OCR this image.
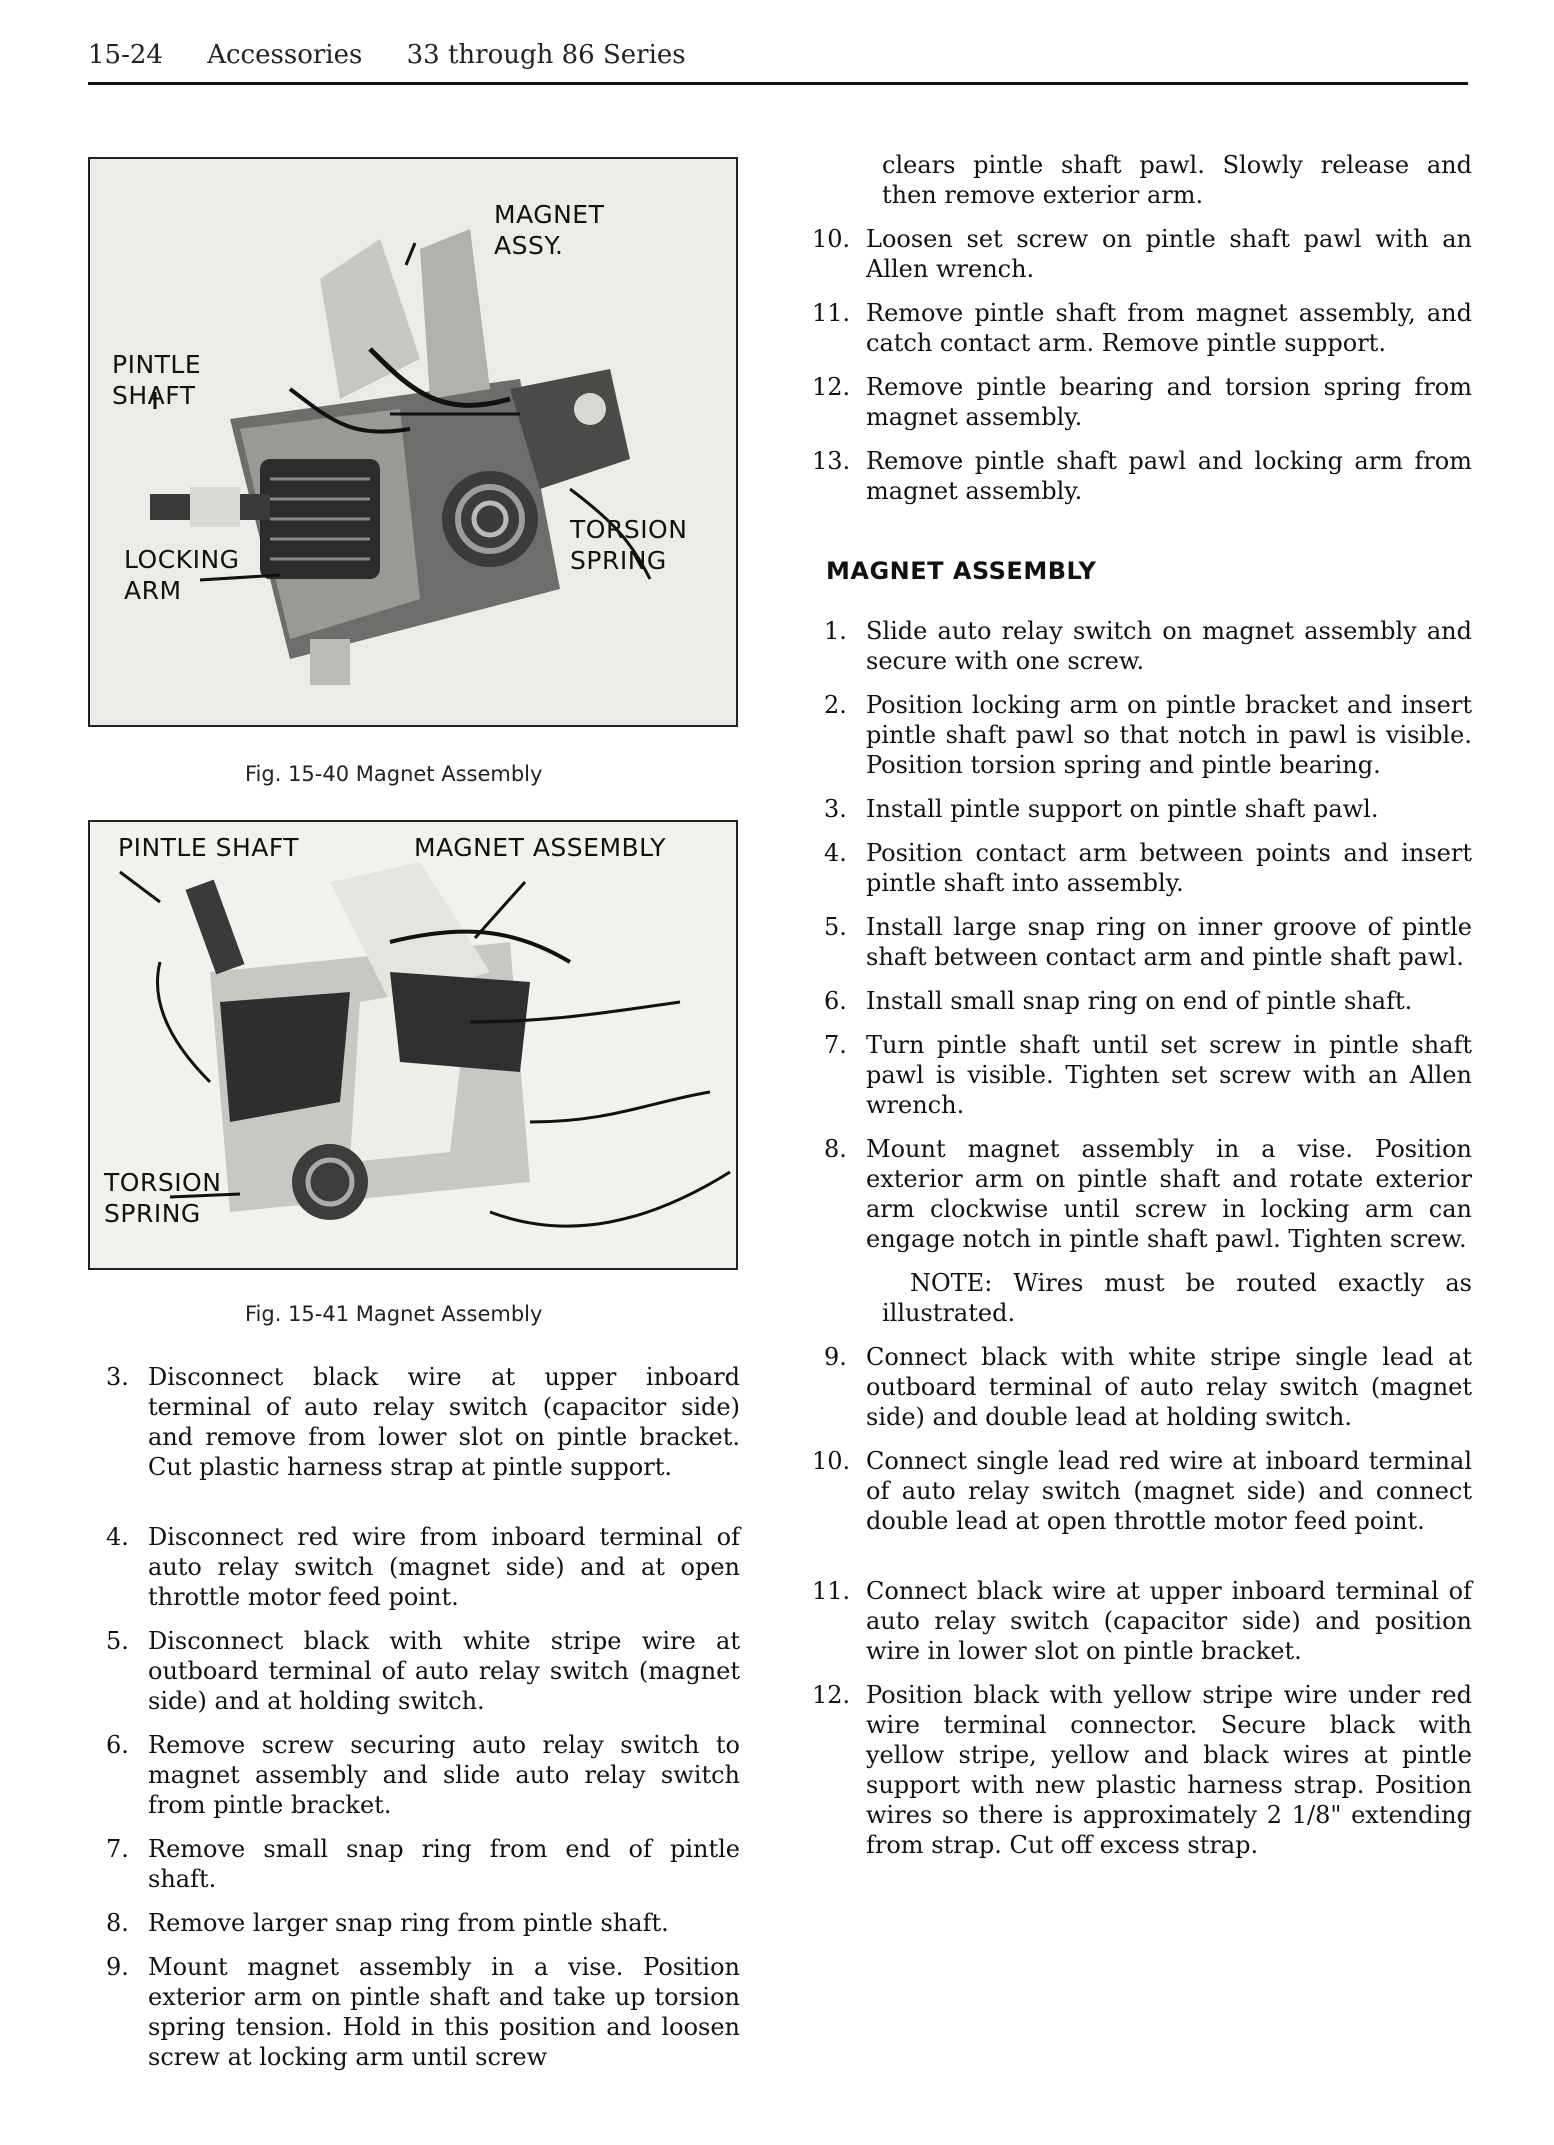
15-24 Accessories 33 through 86 Series
MAGNET
ASSY.
PINTLE
SHAFT
TORSION
SPRING
LOCKING
ARM
Fig. 15-40 Magnet Assembly
PINTLE SHAFT	MAGNET ASSEMBLY
TORSION
SPRING
Fig. 15-41 Magnet Assembly
3. Disconnect black wire at upper inboard terminal of auto relay switch (capacitor side) and remove from lower slot on pintle bracket. Cut plastic harness strap at pintle support.
4. Disconnect red wire from inboard terminal of auto relay switch (magnet side) and at open throttle motor feed point.
5. Disconnect black with white stripe wire at outboard terminal of auto relay switch (magnet side) and at holding switch.
6. Remove screw securing auto relay switch to magnet assembly and slide auto relay switch from pintle bracket.
7. Remove small snap ring from end of pintle shaft.
8. Remove larger snap ring from pintle shaft.
9. Mount magnet assembly in a vise. Position exterior arm on pintle shaft and take up torsion spring tension. Hold in this position and loosen screw at locking arm until screw
clears pintle shaft pawl. Slowly release and then remove exterior arm.
10. Loosen set screw on pintle shaft pawl with an Allen wrench.
11. Remove pintle shaft from magnet assembly, and catch contact arm. Remove pintle support.
12. Remove pintle bearing and torsion spring from magnet assembly.
13. Remove pintle shaft pawl and locking arm from magnet assembly.
MAGNET ASSEMBLY
1. Slide auto relay switch on magnet assembly and secure with one screw.
2. Position locking arm on pintle bracket and insert pintle shaft pawl so that notch in pawl is visible. Position torsion spring and pintle bearing.
3. Install pintle support on pintle shaft pawl.
4. Position contact arm between points and insert pintle shaft into assembly.
5. Install large snap ring on inner groove of pintle shaft between contact arm and pintle shaft pawl.
6. Install small snap ring on end of pintle shaft.
7. Turn pintle shaft until set screw in pintle shaft pawl is visible. Tighten set screw with an Allen wrench.
8. Mount magnet assembly in a vise. Position exterior arm on pintle shaft and rotate exterior arm clockwise until screw in locking arm can engage notch in pintle shaft pawl. Tighten screw.
NOTE: Wires must be routed exactly as illustrated.
9. Connect black with white stripe single lead at outboard terminal of auto relay switch (magnet side) and double lead at holding switch.
10. Connect single lead red wire at inboard terminal of auto relay switch (magnet side) and connect double lead at open throttle motor feed point.
11. Connect black wire at upper inboard terminal of auto relay switch (capacitor side) and position wire in lower slot on pintle bracket.
12. Position black with yellow stripe wire under red wire terminal connector. Secure black with yellow stripe, yellow and black wires at pintle support with new plastic harness strap. Position wires so there is approximately 2 1/8" extending from strap. Cut off excess strap.
